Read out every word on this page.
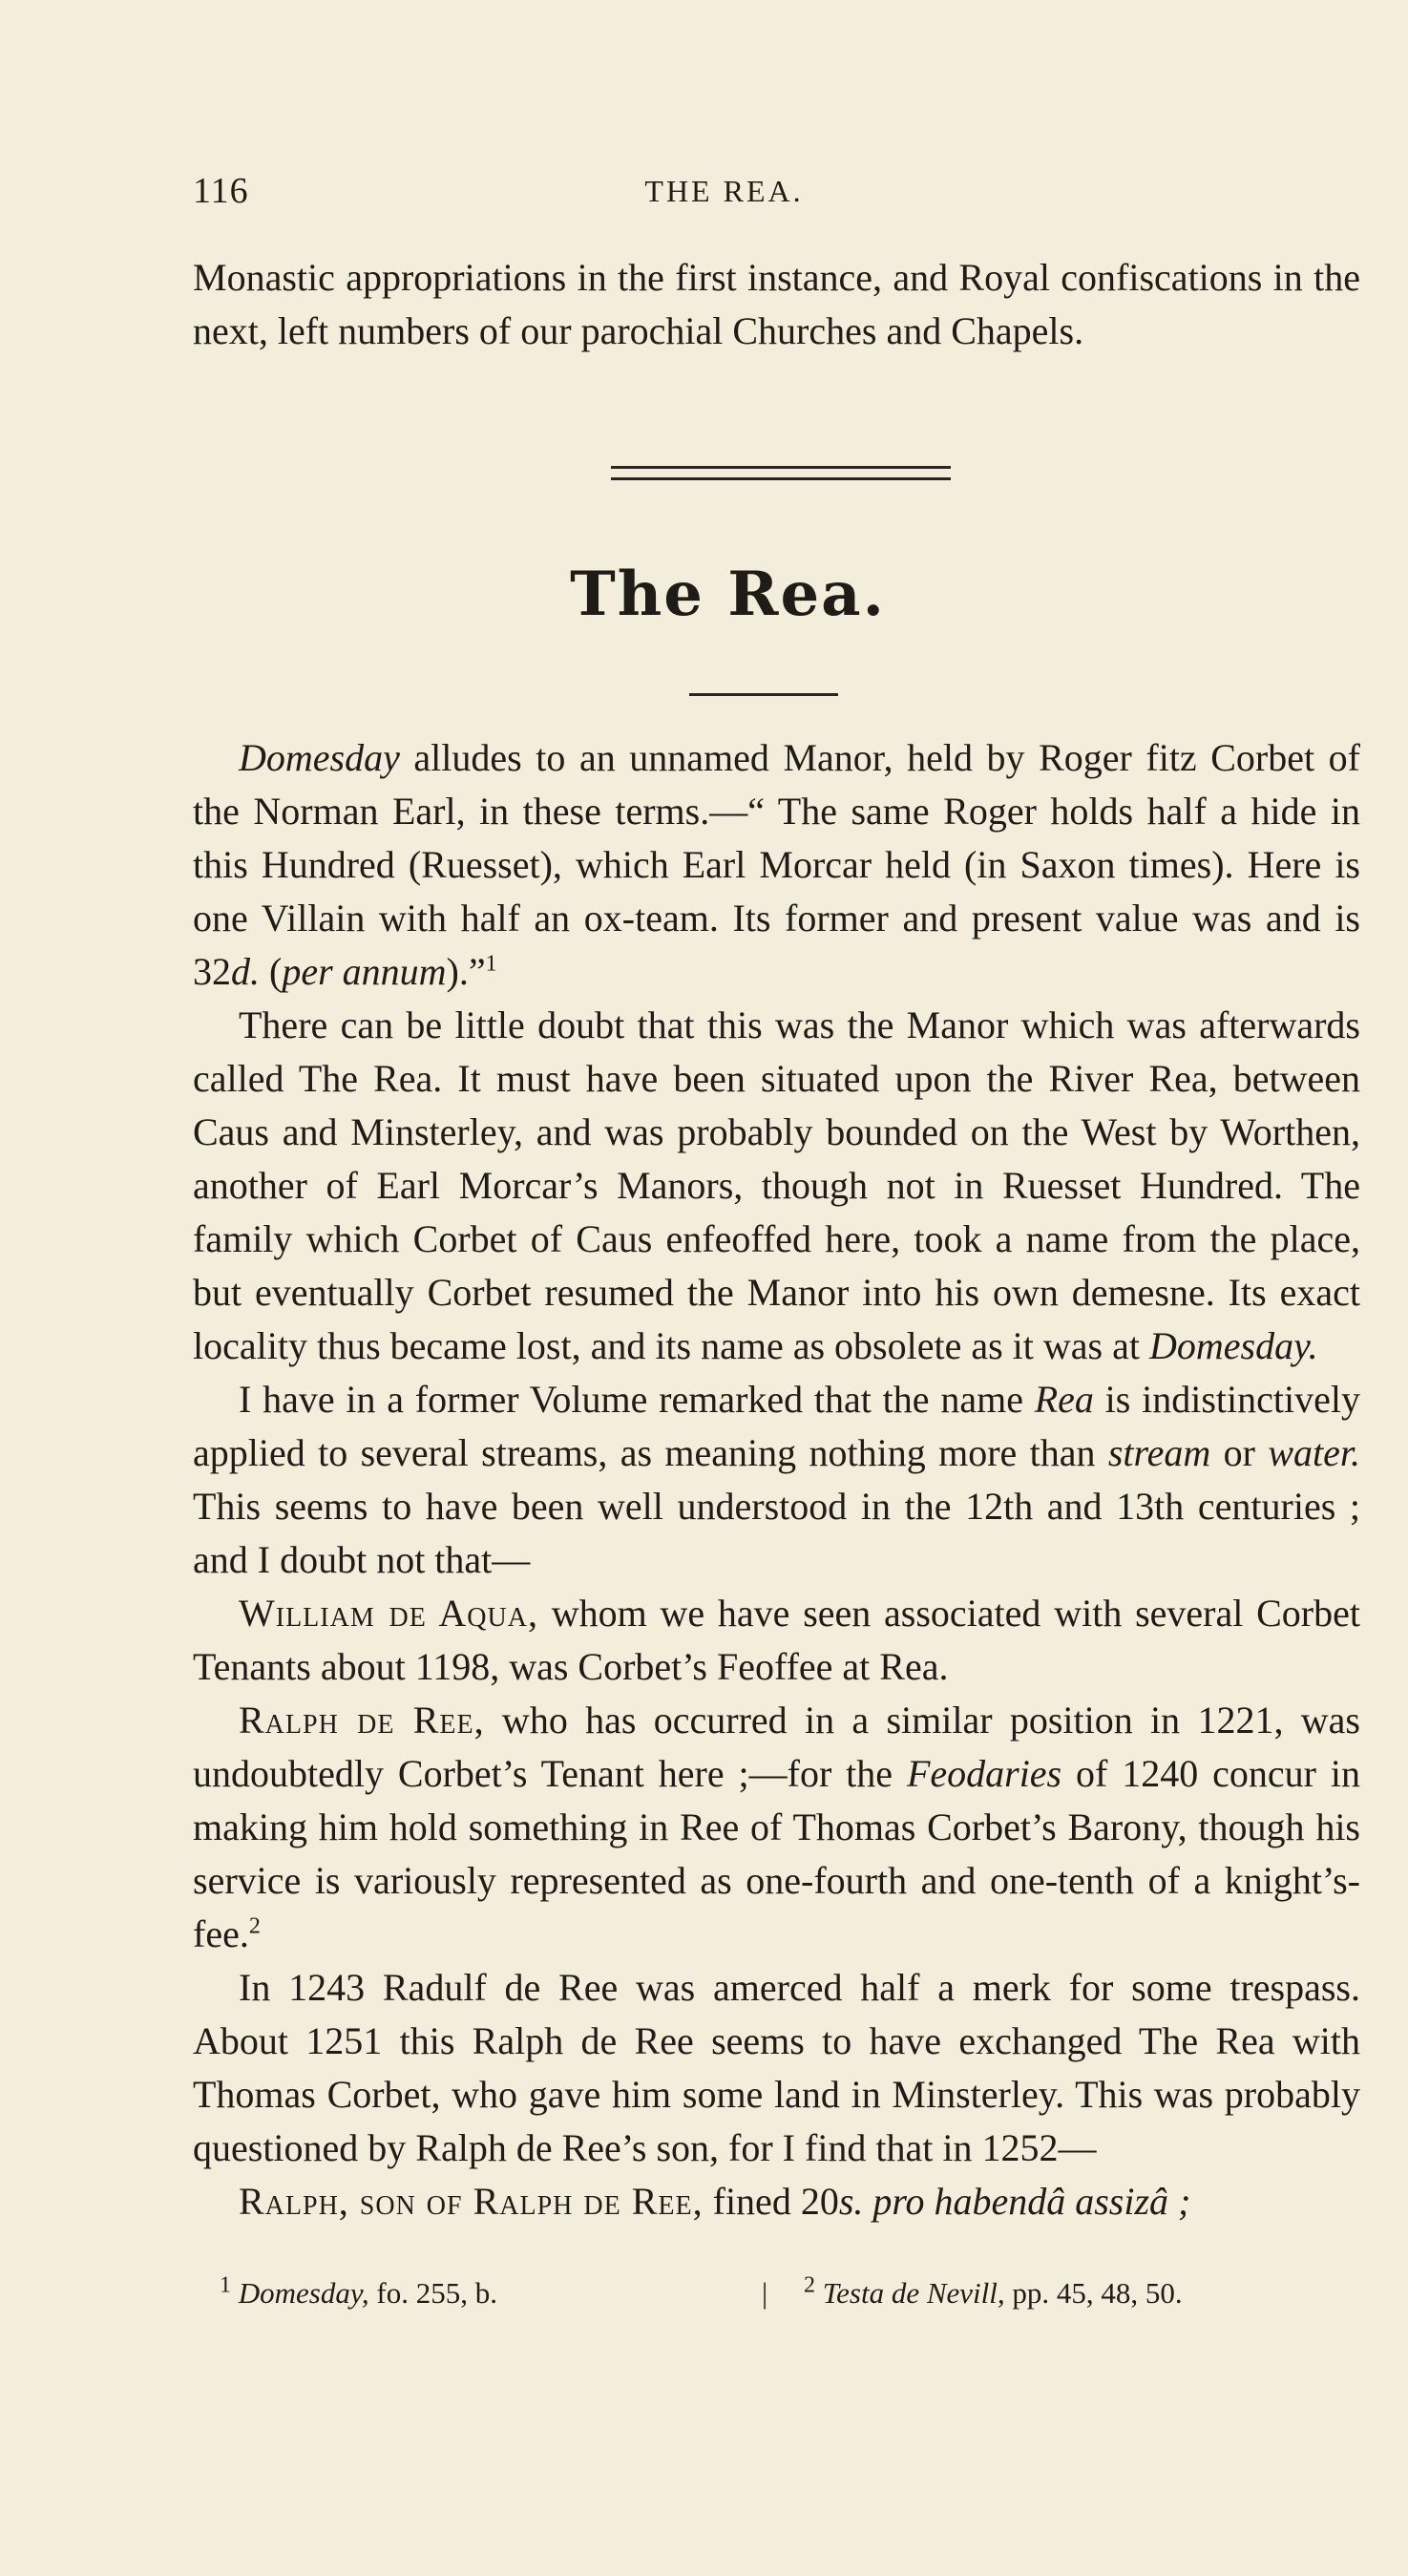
116	THE REA.

Monastic appropriations in the first instance, and Royal confiscations in the next, left numbers of our parochial Churches and Chapels.

The Rea.

Domesday alludes to an unnamed Manor, held by Roger fitz Corbet of the Norman Earl, in these terms.—“ The same Roger holds half a hide in this Hundred (Ruesset), which Earl Morcar held (in Saxon times). Here is one Villain with half an ox-team. Its former and present value was and is 32d. (per annum).”$^1$

There can be little doubt that this was the Manor which was afterwards called The Rea. It must have been situated upon the River Rea, between Caus and Minsterley, and was probably bounded on the West by Worthen, another of Earl Morcar’s Manors, though not in Ruesset Hundred. The family which Corbet of Caus enfeoffed here, took a name from the place, but eventually Corbet resumed the Manor into his own demesne. Its exact locality thus became lost, and its name as obsolete as it was at Domesday.

I have in a former Volume remarked that the name Rea is indistinctively applied to several streams, as meaning nothing more than stream or water. This seems to have been well understood in the 12th and 13th centuries ; and I doubt not that—

William de Aqua, whom we have seen associated with several Corbet Tenants about 1198, was Corbet’s Feoffee at Rea.

Ralph de Ree, who has occurred in a similar position in 1221, was undoubtedly Corbet’s Tenant here ;—for the Feodaries of 1240 concur in making him hold something in Ree of Thomas Corbet’s Barony, though his service is variously represented as one-fourth and one-tenth of a knight’s-fee.$^2$

In 1243 Radulf de Ree was amerced half a merk for some trespass. About 1251 this Ralph de Ree seems to have exchanged The Rea with Thomas Corbet, who gave him some land in Minsterley. This was probably questioned by Ralph de Ree’s son, for I find that in 1252—

Ralph, son of Ralph de Ree, fined 20s. pro habendâ assizâ ;

$^1$ Domesday, fo. 255, b.	| $^2$ Testa de Nevill, pp. 45, 48, 50.
